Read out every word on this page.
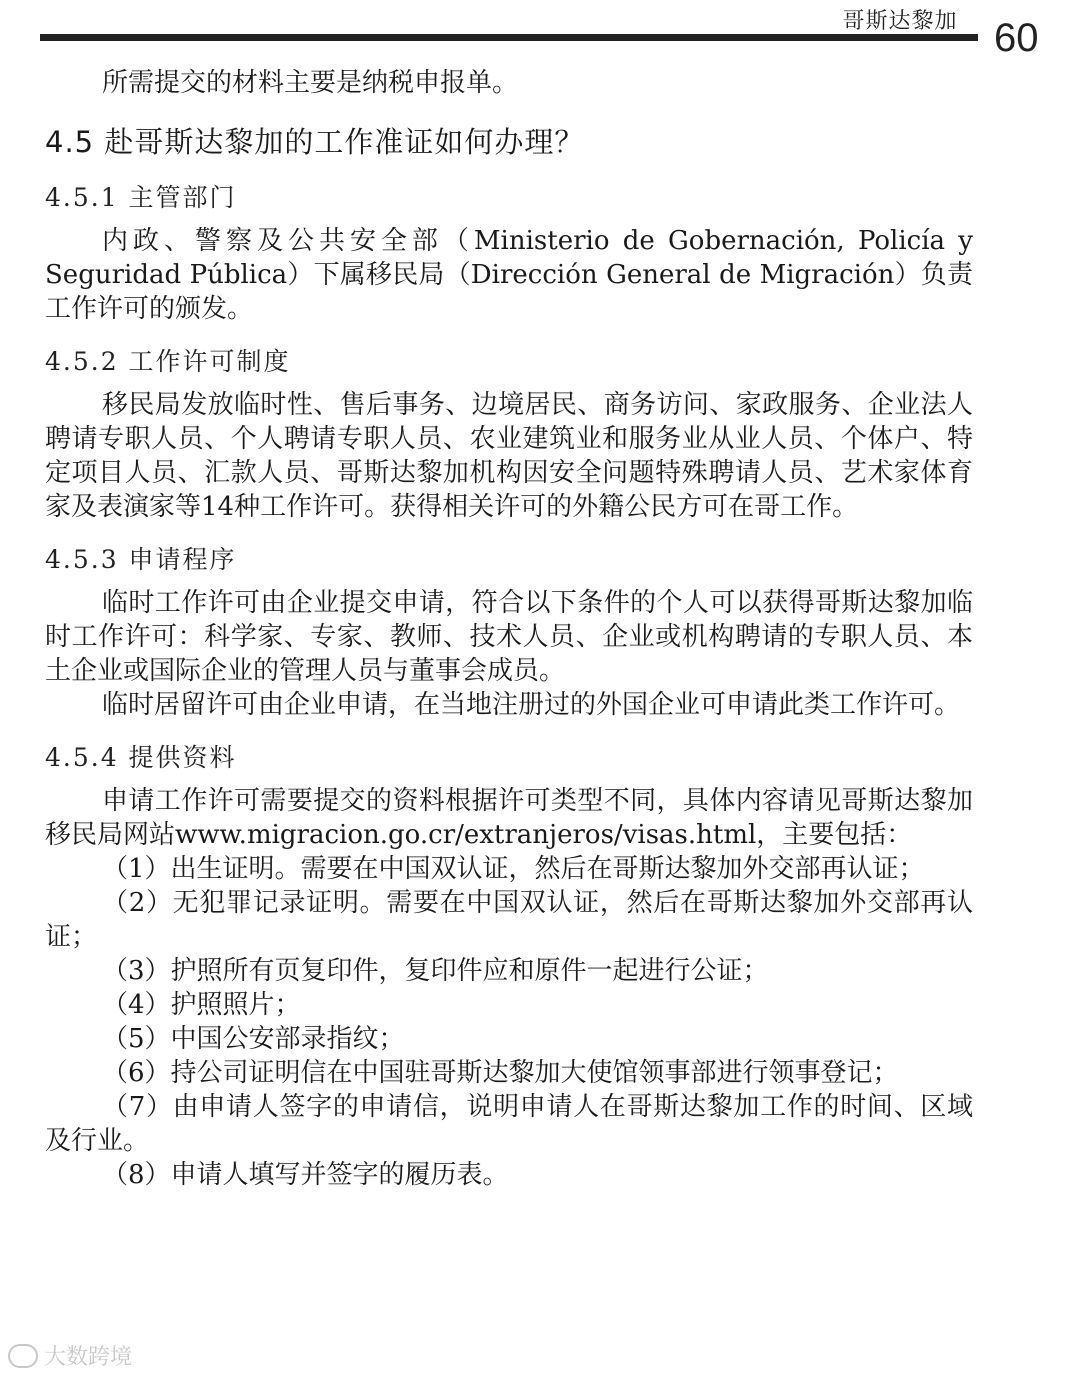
哥斯达黎加 60

所需提交的材料主要是纳税申报单。

4.5 赴哥斯达黎加的工作准证如何办理？
4.5.1 主管部门

内政、警察及公共安全部（Ministerio de Gobernación, Policía y Seguridad Pública）下属移民局（Dirección General de Migración）负责工作许可的颁发。

4.5.2 工作许可制度

移民局发放临时性、售后事务、边境居民、商务访问、家政服务、企业法人聘请专职人员、个人聘请专职人员、农业建筑业和服务业从业人员、个体户、特定项目人员、汇款人员、哥斯达黎加机构因安全问题特殊聘请人员、艺术家体育家及表演家等14种工作许可。获得相关许可的外籍公民方可在哥工作。

4.5.3 申请程序

临时工作许可由企业提交申请，符合以下条件的个人可以获得哥斯达黎加临时工作许可：科学家、专家、教师、技术人员、企业或机构聘请的专职人员、本土企业或国际企业的管理人员与董事会成员。

临时居留许可由企业申请，在当地注册过的外国企业可申请此类工作许可。

4.5.4 提供资料

申请工作许可需要提交的资料根据许可类型不同，具体内容请见哥斯达黎加移民局网站www.migracion.go.cr/extranjeros/visas.html，主要包括：

（1）出生证明。需要在中国双认证，然后在哥斯达黎加外交部再认证；

（2）无犯罪记录证明。需要在中国双认证，然后在哥斯达黎加外交部再认证；

（3）护照所有页复印件，复印件应和原件一起进行公证；

（4）护照照片；

（5）中国公安部录指纹；

（6）持公司证明信在中国驻哥斯达黎加大使馆领事部进行领事登记；

（7）由申请人签字的申请信，说明申请人在哥斯达黎加工作的时间、区域及行业。

（8）申请人填写并签字的履历表。

大数跨境
